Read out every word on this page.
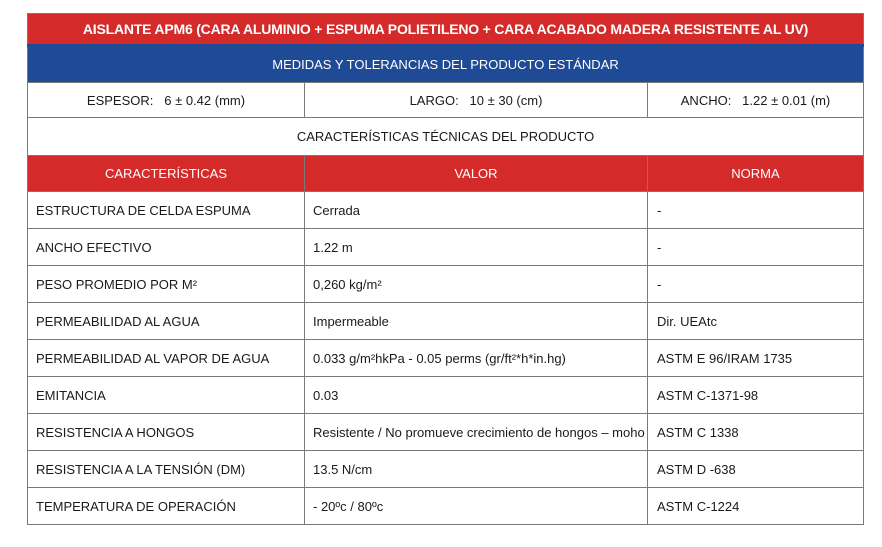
AISLANTE APM6 (CARA ALUMINIO + ESPUMA POLIETILENO + CARA ACABADO MADERA RESISTENTE AL UV)		
MEDIDAS Y TOLERANCIAS DEL PRODUCTO ESTÁNDAR		
ESPESOR: 6 ± 0.42 (mm)	LARGO: 10 ± 30 (cm)	ANCHO: 1.22 ± 0.01 (m)
CARACTERÍSTICAS TÉCNICAS DEL PRODUCTO		
CARACTERÍSTICAS	VALOR	NORMA
ESTRUCTURA DE CELDA ESPUMA	Cerrada	-
ANCHO EFECTIVO	1.22 m	-
PESO PROMEDIO POR M²	0,260 kg/m²	-
PERMEABILIDAD AL AGUA	Impermeable	Dir. UEAtc
PERMEABILIDAD AL VAPOR DE AGUA	0.033 g/m²hkPa - 0.05 perms (gr/ft²*h*in.hg)	ASTM E 96/IRAM 1735
EMITANCIA	0.03	ASTM C-1371-98
RESISTENCIA A HONGOS	Resistente / No promueve crecimiento de hongos – moho	ASTM C 1338
RESISTENCIA A LA TENSIÓN (DM)	13.5 N/cm	ASTM D -638
TEMPERATURA DE OPERACIÓN	- 20ºc / 80ºc	ASTM C-1224
